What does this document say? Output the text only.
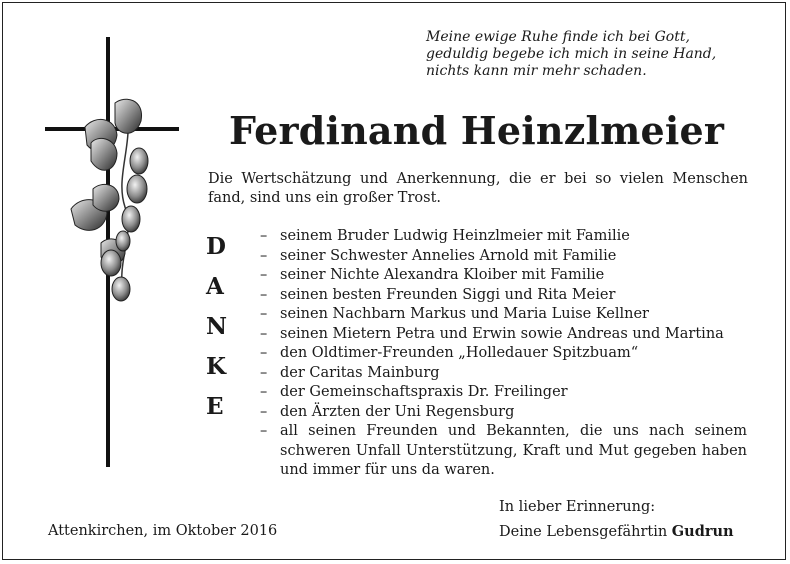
Meine ewige Ruhe finde ich bei Gott,
geduldig begebe ich mich in seine Hand,
nichts kann mir mehr schaden.
Ferdinand Heinzlmeier
Die Wertschätzung und Anerkennung, die er bei so vielen Menschen fand, sind uns ein großer Trost.
D
A
N
K
E
– seinem Bruder Ludwig Heinzlmeier mit Familie
– seiner Schwester Annelies Arnold mit Familie
– seiner Nichte Alexandra Kloiber mit Familie
– seinen besten Freunden Siggi und Rita Meier
– seinen Nachbarn Markus und Maria Luise Kellner
– seinen Mietern Petra und Erwin sowie Andreas und Martina
– den Oldtimer-Freunden „Holledauer Spitzbuam“
– der Caritas Mainburg
– der Gemeinschaftspraxis Dr. Freilinger
– den Ärzten der Uni Regensburg
– all seinen Freunden und Bekannten, die uns nach seinem schweren Unfall Unterstützung, Kraft und Mut gegeben haben und immer für uns da waren.
In lieber Erinnerung:
Attenkirchen, im Oktober 2016	Deine Lebensgefährtin Gudrun
